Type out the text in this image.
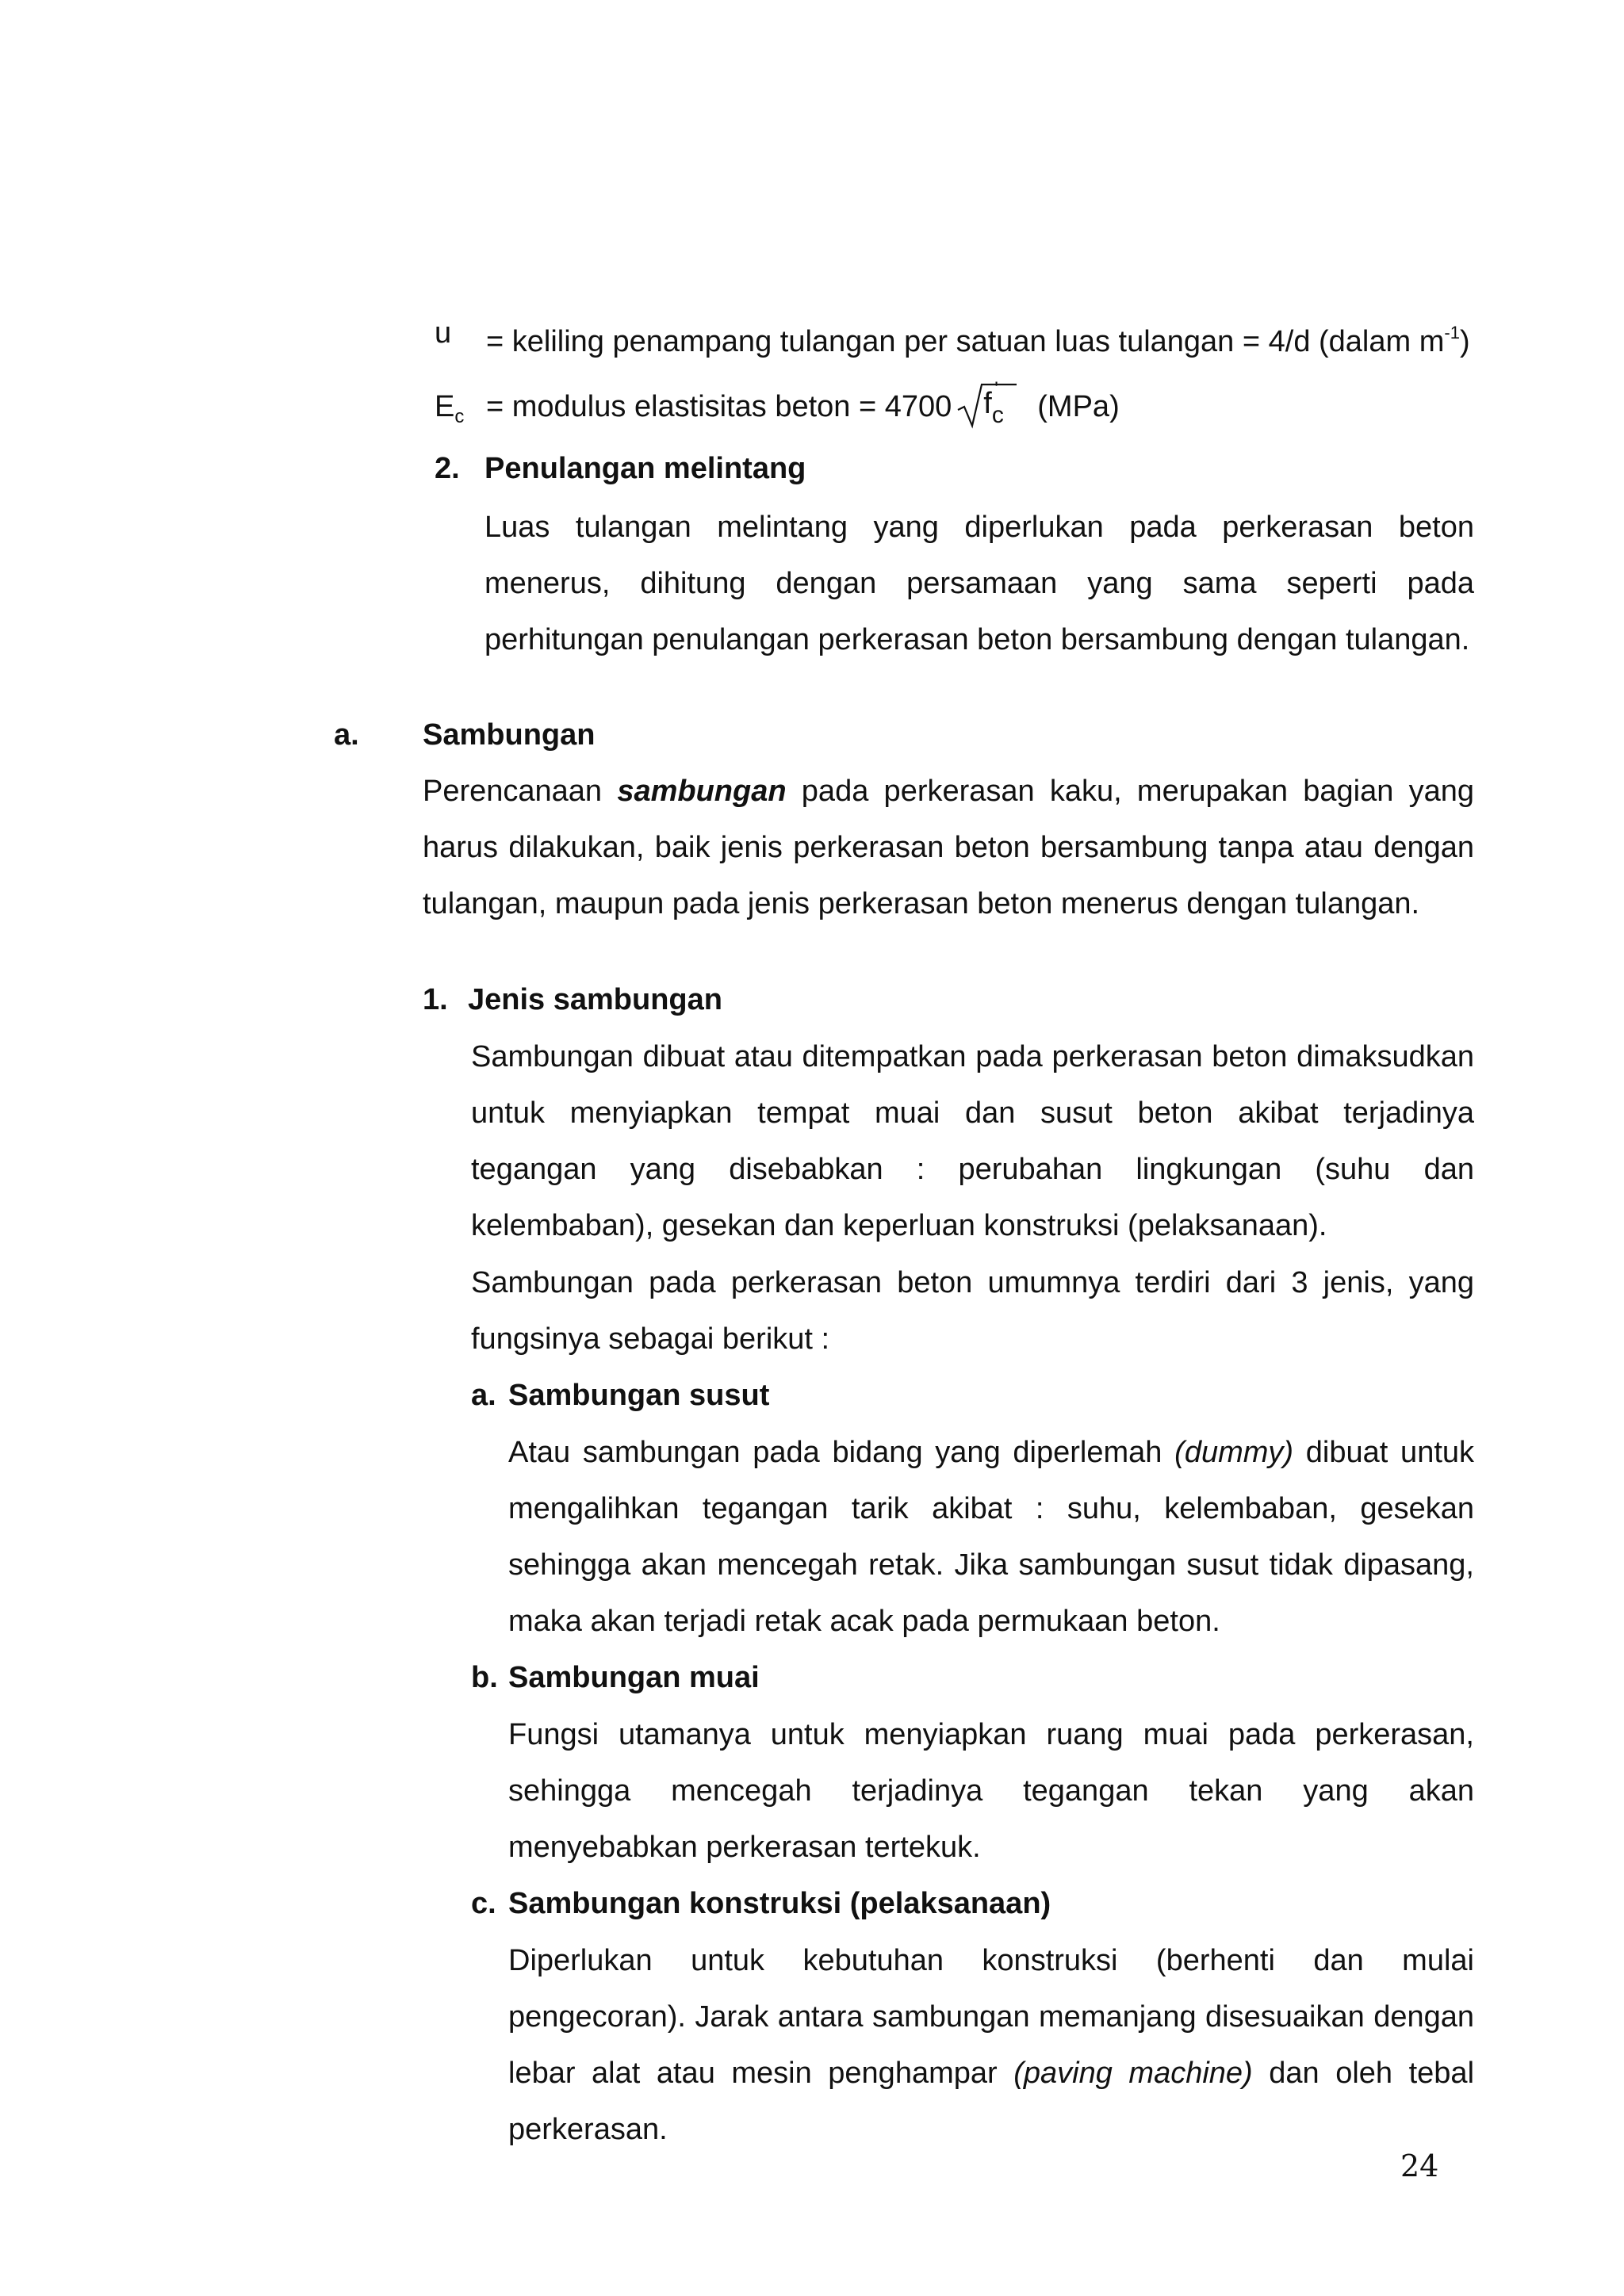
u = keliling penampang tulangan per satuan luas tulangan = 4/d (dalam $m^{-1}$)
$E_c$ = modulus elastisitas beton = 4700 $f_c$
'
(MPa)
2. Penulangan melintang
Luas tulangan melintang yang diperlukan pada perkerasan beton menerus, dihitung dengan persamaan yang sama seperti pada perhitungan penulangan perkerasan beton bersambung dengan tulangan.
a. Sambungan
Perencanaan sambungan pada perkerasan kaku, merupakan bagian yang harus dilakukan, baik jenis perkerasan beton bersambung tanpa atau dengan tulangan, maupun pada jenis perkerasan beton menerus dengan tulangan.
1. Jenis sambungan
Sambungan dibuat atau ditempatkan pada perkerasan beton dimaksudkan untuk menyiapkan tempat muai dan susut beton akibat terjadinya tegangan yang disebabkan : perubahan lingkungan (suhu dan kelembaban), gesekan dan keperluan konstruksi (pelaksanaan).
Sambungan pada perkerasan beton umumnya terdiri dari 3 jenis, yang fungsinya sebagai berikut :
a. Sambungan susut
Atau sambungan pada bidang yang diperlemah (dummy) dibuat untuk mengalihkan tegangan tarik akibat : suhu, kelembaban, gesekan sehingga akan mencegah retak. Jika sambungan susut tidak dipasang, maka akan terjadi retak acak pada permukaan beton.
b. Sambungan muai
Fungsi utamanya untuk menyiapkan ruang muai pada perkerasan, sehingga mencegah terjadinya tegangan tekan yang akan menyebabkan perkerasan tertekuk.
c. Sambungan konstruksi (pelaksanaan)
Diperlukan untuk kebutuhan konstruksi (berhenti dan mulai pengecoran). Jarak antara sambungan memanjang disesuaikan dengan lebar alat atau mesin penghampar (paving machine) dan oleh tebal perkerasan.
24
